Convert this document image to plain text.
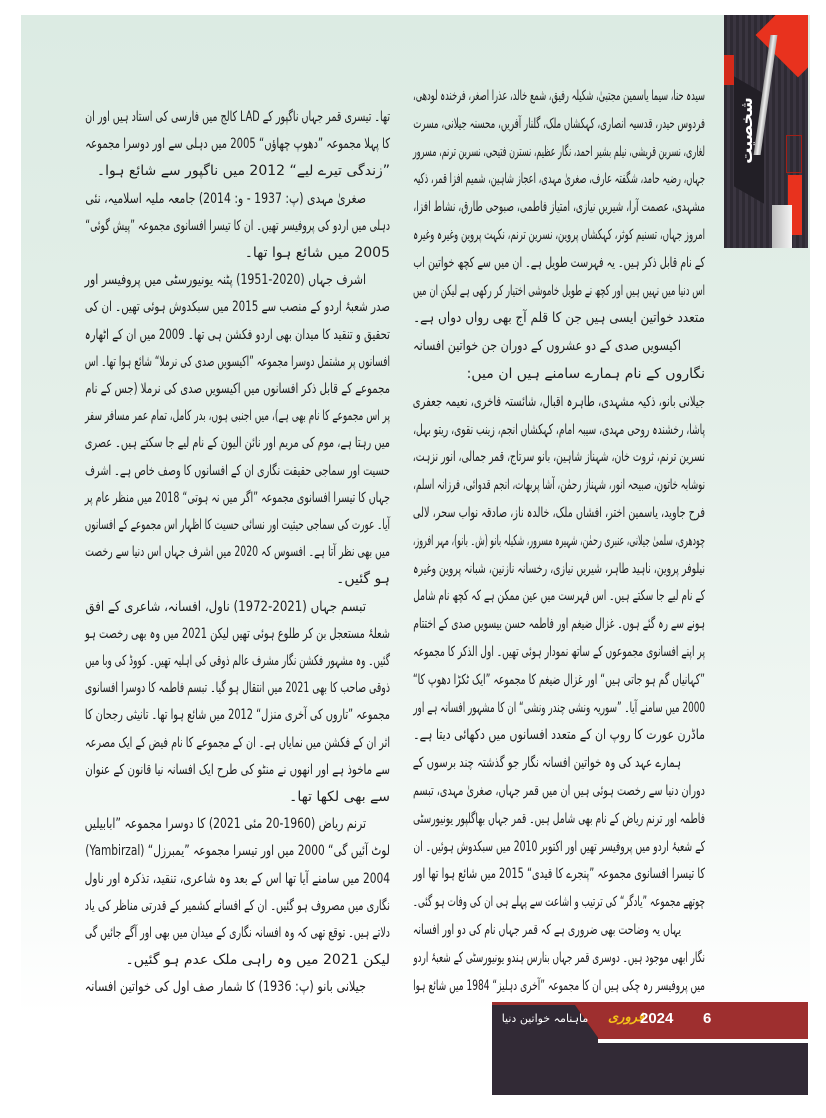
شخصیت
سیدہ حنا، سیما یاسمین مجتبیٰ، شکیلہ رفیق، شمع خالد، عذرا اصغر، فرخندہ لودھی،
فردوس حیدر، قدسیہ انصاری، کہکشاں ملک، گلنار آفریں، محسنہ جیلانی، مسرت
لغاری، نسرین قریشی، نیلم بشیر احمد، نگار عظیم، نسترن فتیحی، نسرین ترنم، مسرور
جہاں، رضیہ حامد، شگفتہ عارف، صغریٰ مہدی، اعجاز شاہین، شمیم افزا قمر، ذکیہ
مشہدی، عصمت آرا، شیریں نیازی، امتیاز فاطمی، صبوحی طارق، نشاط افزا،
امروز جہاں، تسنیم کوثر، کہکشاں پروین، نسرین ترنم، نکہت پروین وغیرہ وغیرہ
کے نام قابل ذکر ہیں۔ یہ فہرست طویل ہے۔ ان میں سے کچھ خواتین اب
اس دنیا میں نہیں ہیں اور کچھ نے طویل خاموشی اختیار کر رکھی ہے لیکن ان میں
متعدد خواتین ایسی ہیں جن کا قلم آج بھی رواں دواں ہے۔
اکیسویں صدی کے دو عشروں کے دوران جن خواتین افسانہ
نگاروں کے نام ہمارے سامنے ہیں ان میں:
جیلانی بانو، ذکیہ مشہدی، طاہرہ اقبال، شائستہ فاخری، نعیمہ جعفری
پاشا، رخشندہ روحی مہدی، سیبہ امام، کہکشاں انجم، زینب نقوی، ریتو بہل،
نسرین ترنم، ثروت خان، شہناز شاہین، بانو سرتاج، قمر جمالی، انور نزہت،
نوشابہ خاتون، صبیحہ انور، شہناز رحمٰن، آشا پربھات، انجم قدوائی، فرزانہ اسلم،
فرح جاوید، یاسمین اختر، افشاں ملک، خالدہ ناز، صادقہ نواب سحر، لالی
چودھری، سلمیٰ جیلانی، عنبری رحمٰن، شہیرہ مسرور، شکیلہ بانو (ش۔ بانو)، مہر افروز،
نیلوفر پروین، ناہید طاہر، شیریں نیازی، رخسانہ نازنین، شبانہ پروین وغیرہ
کے نام لیے جا سکتے ہیں۔ اس فہرست میں عین ممکن ہے کہ کچھ نام شامل
ہونے سے رہ گئے ہوں۔ غزال ضیغم اور فاطمہ حسن بیسویں صدی کے اختتام
پر اپنے افسانوی مجموعوں کے ساتھ نمودار ہوئی تھیں۔ اول الذکر کا مجموعہ
”کہانیاں گم ہو جاتی ہیں“ اور غزال ضیغم کا مجموعہ ”ایک ٹکڑا دھوپ کا“
2000 میں سامنے آیا۔ ”سوریہ ونشی چندر ونشی“ ان کا مشہور افسانہ ہے اور
ماڈرن عورت کا روپ ان کے متعدد افسانوں میں دکھائی دیتا ہے۔
ہمارے عہد کی وہ خواتین افسانہ نگار جو گذشتہ چند برسوں کے
دوران دنیا سے رخصت ہوئی ہیں ان میں قمر جہاں، صغریٰ مہدی، تبسم
فاطمہ اور ترنم ریاض کے نام بھی شامل ہیں۔ قمر جہاں بھاگلپور یونیورسٹی
کے شعبۂ اردو میں پروفیسر تھیں اور اکتوبر 2010 میں سبکدوش ہوئیں۔ ان
کا تیسرا افسانوی مجموعہ ”پنجرے کا قیدی“ 2015 میں شائع ہوا تھا اور
چوتھے مجموعہ ”یادگر“ کی ترتیب و اشاعت سے پہلے ہی ان کی وفات ہو گئی۔
یہاں یہ وضاحت بھی ضروری ہے کہ قمر جہاں نام کی دو اور افسانہ
نگار ابھی موجود ہیں۔ دوسری قمر جہاں بنارس ہندو یونیورسٹی کے شعبۂ اردو
میں پروفیسر رہ چکی ہیں ان کا مجموعہ ”آخری دہلیز“ 1984 میں شائع ہوا
تھا۔ تیسری قمر جہاں ناگپور کے LAD کالج میں فارسی کی استاد ہیں اور ان
کا پہلا مجموعہ ”دھوپ چھاؤں“ 2005 میں دہلی سے اور دوسرا مجموعہ
”زندگی تیرے لیے“ 2012 میں ناگپور سے شائع ہوا۔
صغریٰ مہدی (پ: 1937 - و: 2014) جامعہ ملیہ اسلامیہ، نئی
دہلی میں اردو کی پروفیسر تھیں۔ ان کا تیسرا افسانوی مجموعہ ”پیش گوئی“
2005 میں شائع ہوا تھا۔
اشرف جہاں (2020-1951) پٹنہ یونیورسٹی میں پروفیسر اور
صدر شعبۂ اردو کے منصب سے 2015 میں سبکدوش ہوئی تھیں۔ ان کی
تحقیق و تنقید کا میدان بھی اردو فکشن ہی تھا۔ 2009 میں ان کے اٹھارہ
افسانوں پر مشتمل دوسرا مجموعہ ”اکیسویں صدی کی نرملا“ شائع ہوا تھا۔ اس
مجموعے کے قابل ذکر افسانوں میں اکیسویں صدی کی نرملا (جس کے نام
پر اس مجموعے کا نام بھی ہے)، میں اجنبی ہوں، بدر کامل، تمام عمر مسافر سفر
میں رہتا ہے، موم کی مریم اور نائن الیون کے نام لیے جا سکتے ہیں۔ عصری
حسیت اور سماجی حقیقت نگاری ان کے افسانوں کا وصف خاص ہے۔ اشرف
جہاں کا تیسرا افسانوی مجموعہ ”اگر میں نہ ہوتی“ 2018 میں منظر عام پر
آیا۔ عورت کی سماجی حیثیت اور نسائی حسیت کا اظہار اس مجموعے کے افسانوں
میں بھی نظر آتا ہے۔ افسوس کہ 2020 میں اشرف جہاں اس دنیا سے رخصت
ہو گئیں۔
تبسم جہاں (2021-1972) ناول، افسانہ، شاعری کے افق
شعلۂ مستعجل بن کر طلوع ہوئی تھیں لیکن 2021 میں وہ بھی رخصت ہو
گئیں۔ وہ مشہور فکشن نگار مشرف عالم ذوقی کی اہلیہ تھیں۔ کووڈ کی وبا میں
ذوقی صاحب کا بھی 2021 میں انتقال ہو گیا۔ تبسم فاطمہ کا دوسرا افسانوی
مجموعہ ”تاروں کی آخری منزل“ 2012 میں شائع ہوا تھا۔ تانیثی رجحان کا
اثر ان کے فکشن میں نمایاں ہے۔ ان کے مجموعے کا نام فیض کے ایک مصرعہ
سے ماخوذ ہے اور انھوں نے منٹو کی طرح ایک افسانہ نیا قانون کے عنوان
سے بھی لکھا تھا۔
ترنم ریاض (1960-20 مئی 2021) کا دوسرا مجموعہ ”ابابیلیں
لوٹ آئیں گی“ 2000 میں اور تیسرا مجموعہ ”یمبرزل“ (Yambirzal)
2004 میں سامنے آیا تھا اس کے بعد وہ شاعری، تنقید، تذکرہ اور ناول
نگاری میں مصروف ہو گئیں۔ ان کے افسانے کشمیر کے قدرتی مناظر کی یاد
دلاتے ہیں۔ توقع تھی کہ وہ افسانہ نگاری کے میدان میں بھی اور آگے جائیں گی
لیکن 2021 میں وہ راہی ملک عدم ہو گئیں۔
جیلانی بانو (پ: 1936) کا شمار صف اول کی خواتین افسانہ
ماہنامہ خواتین دنیا فروری
2024 6
